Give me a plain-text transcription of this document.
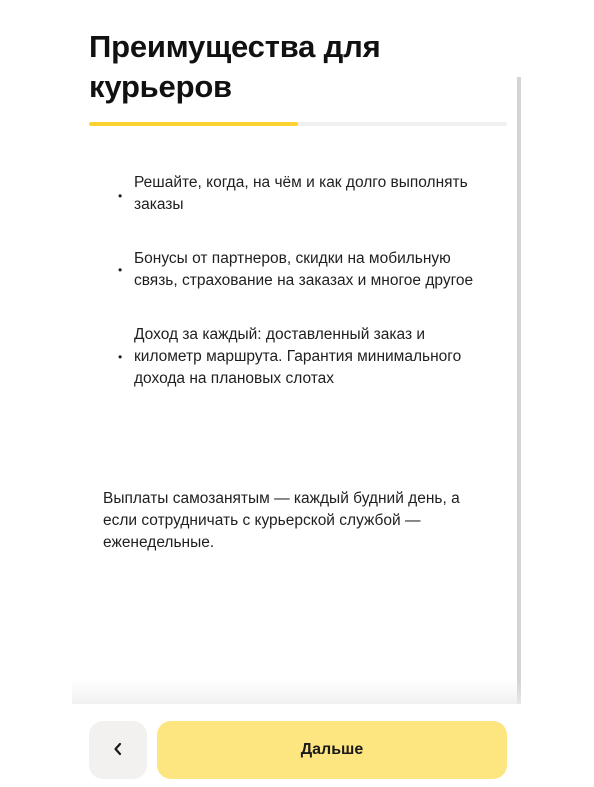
Преимущества для курьеров
•
Решайте, когда, на чём и как долго выполнять заказы
•
Бонусы от партнеров, скидки на мобильную связь, страхование на заказах и многое другое
•
Доход за каждый: доставленный заказ и километр маршрута. Гарантия минимального дохода на плановых слотах

Выплаты самозанятым — каждый будний день, а если сотрудничать с курьерской службой — еженедельные.

Дальше
